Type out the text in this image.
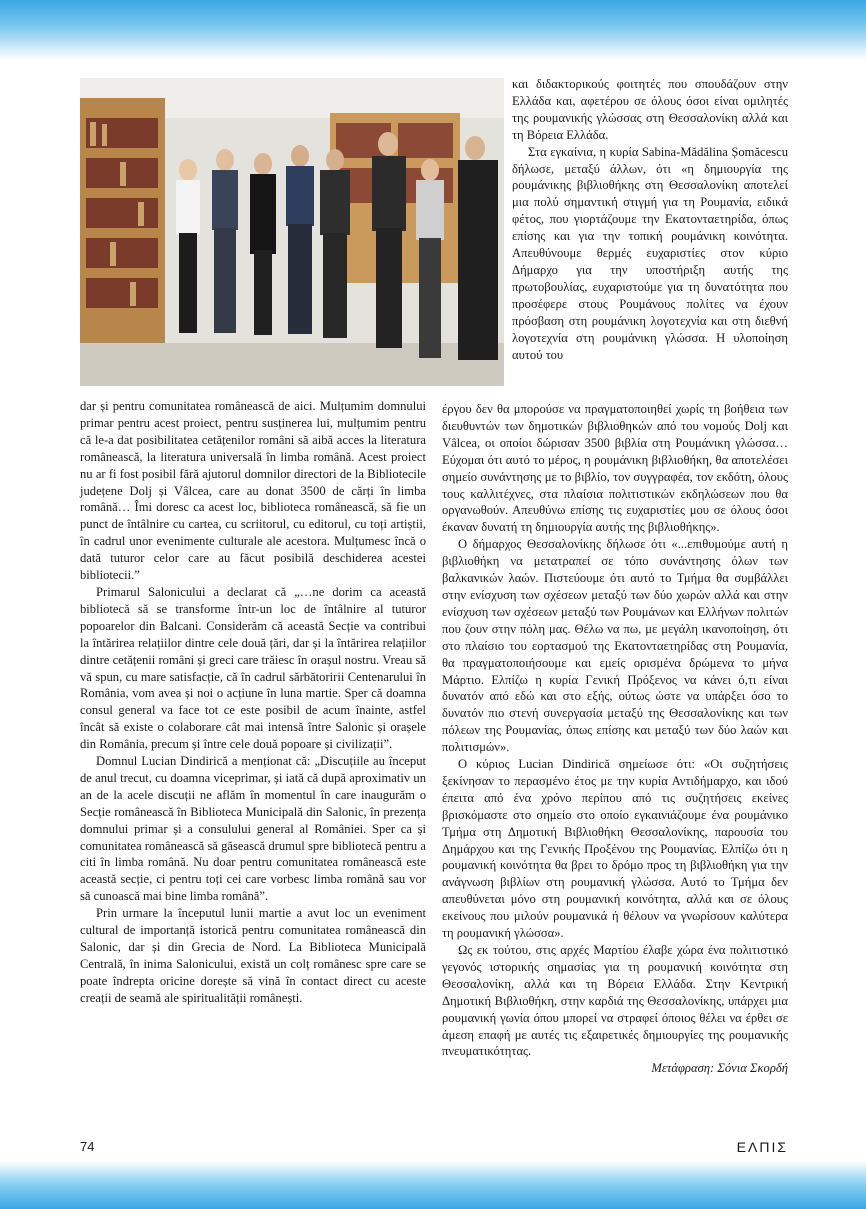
και διδακτορικούς φοιτητές που σπουδάζουν στην Ελλάδα και, αφετέρου σε όλους όσοι είναι ομιλητές της ρουμανικής γλώσσας στη Θεσσαλονίκη αλλά και τη Βόρεια Ελλάδα.

Στα εγκαίνια, η κυρία Sabina-Mădălina Șomăcescu δήλωσε, μεταξύ άλλων, ότι «η δημιουργία της ρουμάνικης βιβλιοθήκης στη Θεσσαλονίκη αποτελεί μια πολύ σημαντική στιγμή για τη Ρουμανία, ειδικά φέτος, που γιορτάζουμε την Εκατονταετηρίδα, όπως επίσης και για την τοπική ρουμάνικη κοινότητα. Απευθύνουμε θερμές ευχαριστίες στον κύριο Δήμαρχο για την υποστήριξη αυτής της πρωτοβουλίας, ευχαριστούμε για τη δυνατότητα που προσέφερε στους Ρουμάνους πολίτες να έχουν πρόσβαση στη ρουμάνικη λογοτεχνία και στη διεθνή λογοτεχνία στη ρουμάνικη γλώσσα. Η υλοποίηση αυτού του

dar și pentru comunitatea românească de aici. Mulțumim domnului primar pentru acest proiect, pentru susținerea lui, mulțumim pentru că le-a dat posibilitatea cetățenilor români să aibă acces la literatura românească, la literatura universală în limba română. Acest proiect nu ar fi fost posibil fără ajutorul domnilor directori de la Bibliotecile județene Dolj și Vâlcea, care au donat 3500 de cărți în limba română… Îmi doresc ca acest loc, biblioteca românească, să fie un punct de întâlnire cu cartea, cu scriitorul, cu editorul, cu toți artiștii, în cadrul unor evenimente culturale ale acestora. Mulțumesc încă o dată tuturor celor care au făcut posibilă deschiderea acestei bibliotecii.”

Primarul Salonicului a declarat că „…ne dorim ca această bibliotecă să se transforme într-un loc de întâlnire al tuturor popoarelor din Balcani. Considerăm că această Secție va contribui la întărirea relațiilor dintre cele două țări, dar și la întărirea relațiilor dintre cetățenii români și greci care trăiesc în orașul nostru. Vreau să vă spun, cu mare satisfacție, că în cadrul sărbătoririi Centenarului în România, vom avea și noi o acțiune în luna martie. Sper că doamna consul general va face tot ce este posibil de acum înainte, astfel încât să existe o colaborare cât mai intensă între Salonic și orașele din România, precum și între cele două popoare și civilizații”.

Domnul Lucian Dindirică a menționat că: „Discuțiile au început de anul trecut, cu doamna viceprimar, și iată că după aproximativ un an de la acele discuții ne aflăm în momentul în care inaugurăm o Secție românească în Biblioteca Municipală din Salonic, în prezența domnului primar și a consulului general al României. Sper ca și comunitatea românească să găsească drumul spre bibliotecă pentru a citi în limba română. Nu doar pentru comunitatea românească este această secție, ci pentru toți cei care vorbesc limba română sau vor să cunoască mai bine limba română”.

Prin urmare la începutul lunii martie a avut loc un eveniment cultural de importanță istorică pentru comunitatea românească din Salonic, dar și din Grecia de Nord. La Biblioteca Municipală Centrală, în inima Salonicului, există un colț românesc spre care se poate îndrepta oricine dorește să vină în contact direct cu aceste creații de seamă ale spiritualității românești.

έργου δεν θα μπορούσε να πραγματοποιηθεί χωρίς τη βοήθεια των διευθυντών των δημοτικών βιβλιοθηκών από του νομούς Dolj και Vâlcea, οι οποίοι δώρισαν 3500 βιβλία στη Ρουμάνικη γλώσσα… Εύχομαι ότι αυτό το μέρος, η ρουμάνικη βιβλιοθήκη, θα αποτελέσει σημείο συνάντησης με το βιβλίο, τον συγγραφέα, τον εκδότη, όλους τους καλλιτέχνες, στα πλαίσια πολιτιστικών εκδηλώσεων που θα οργανωθούν. Απευθύνω επίσης τις ευχαριστίες μου σε όλους όσοι έκαναν δυνατή τη δημιουργία αυτής της βιβλιοθήκης».

Ο δήμαρχος Θεσσαλονίκης δήλωσε ότι «...επιθυμούμε αυτή η βιβλιοθήκη να μετατραπεί σε τόπο συνάντησης όλων των βαλκανικών λαών. Πιστεύουμε ότι αυτό το Τμήμα θα συμβάλλει στην ενίσχυση των σχέσεων μεταξύ των δύο χωρών αλλά και στην ενίσχυση των σχέσεων μεταξύ των Ρουμάνων και Ελλήνων πολιτών που ζουν στην πόλη μας. Θέλω να πω, με μεγάλη ικανοποίηση, ότι στο πλαίσιο του εορτασμού της Εκατονταετηρίδας στη Ρουμανία, θα πραγματοποιήσουμε και εμείς ορισμένα δρώμενα το μήνα Μάρτιο. Ελπίζω η κυρία Γενική Πρόξενος να κάνει ό,τι είναι δυνατόν από εδώ και στο εξής, ούτως ώστε να υπάρξει όσο το δυνατόν πιο στενή συνεργασία μεταξύ της Θεσσαλονίκης και των πόλεων της Ρουμανίας, όπως επίσης και μεταξύ των δύο λαών και πολιτισμών».

Ο κύριος Lucian Dindirică σημείωσε ότι: «Οι συζητήσεις ξεκίνησαν το περασμένο έτος με την κυρία Αντιδήμαρχο, και ιδού έπειτα από ένα χρόνο περίπου από τις συζητήσεις εκείνες βρισκόμαστε στο σημείο στο οποίο εγκαινιάζουμε ένα ρουμάνικο Τμήμα στη Δημοτική Βιβλιοθήκη Θεσσαλονίκης, παρουσία του Δημάρχου και της Γενικής Προξένου της Ρουμανίας. Ελπίζω ότι η ρουμανική κοινότητα θα βρει το δρόμο προς τη βιβλιοθήκη για την ανάγνωση βιβλίων στη ρουμανική γλώσσα. Αυτό το Τμήμα δεν απευθύνεται μόνο στη ρουμανική κοινότητα, αλλά και σε όλους εκείνους που μιλούν ρουμανικά ή θέλουν να γνωρίσουν καλύτερα τη ρουμανική γλώσσα».

Ως εκ τούτου, στις αρχές Μαρτίου έλαβε χώρα ένα πολιτιστικό γεγονός ιστορικής σημασίας για τη ρουμανική κοινότητα στη Θεσσαλονίκη, αλλά και τη Βόρεια Ελλάδα. Στην Κεντρική Δημοτική Βιβλιοθήκη, στην καρδιά της Θεσσαλονίκης, υπάρχει μια ρουμανική γωνία όπου μπορεί να στραφεί όποιος θέλει να έρθει σε άμεση επαφή με αυτές τις εξαιρετικές δημιουργίες της ρουμανικής πνευματικότητας.

Μετάφραση: Σόνια Σκορδή

74	ΕΛΠΙΣ
